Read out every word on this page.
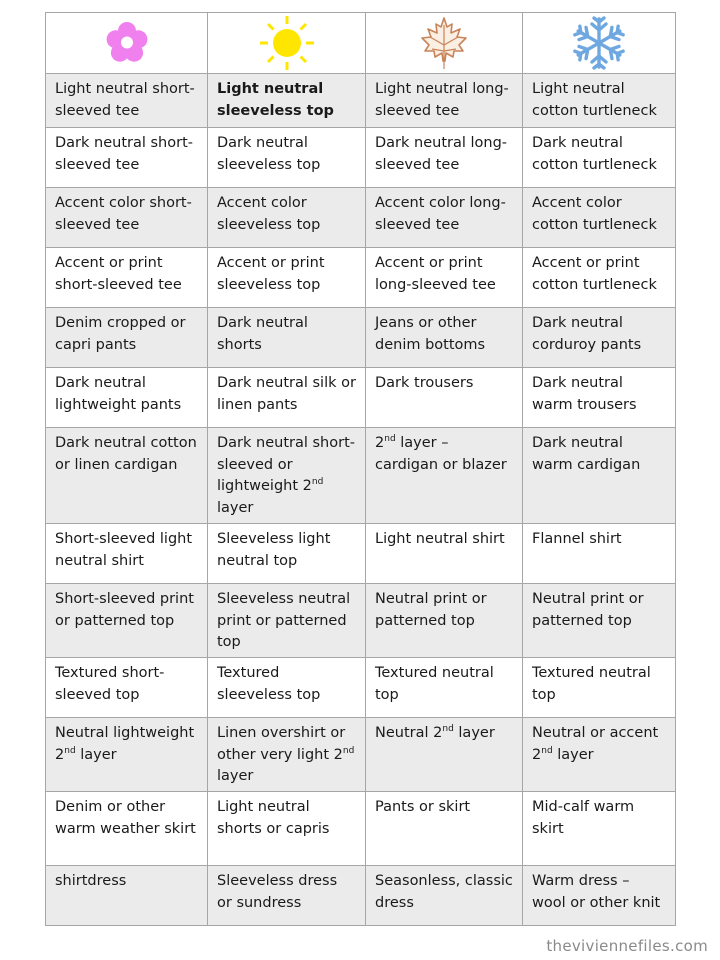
Light neutral short-sleeved tee	Light neutral sleeveless top	Light neutral long-sleeved tee	Light neutral cotton turtleneck
Dark neutral short-sleeved tee	Dark neutral sleeveless top	Dark neutral long-sleeved tee	Dark neutral cotton turtleneck
Accent color short-sleeved tee	Accent color sleeveless top	Accent color long-sleeved tee	Accent color cotton turtleneck
Accent or print short-sleeved tee	Accent or print sleeveless top	Accent or print long-sleeved tee	Accent or print cotton turtleneck
Denim cropped or capri pants	Dark neutral shorts	Jeans or other denim bottoms	Dark neutral corduroy pants
Dark neutral lightweight pants	Dark neutral silk or linen pants	Dark trousers	Dark neutral warm trousers
Dark neutral cotton or linen cardigan	Dark neutral short-sleeved or lightweight 2nd layer	2nd layer – cardigan or blazer	Dark neutral warm cardigan
Short-sleeved light neutral shirt	Sleeveless light neutral top	Light neutral shirt	Flannel shirt
Short-sleeved print or patterned top	Sleeveless neutral print or patterned top	Neutral print or patterned top	Neutral print or patterned top
Textured short-sleeved top	Textured sleeveless top	Textured neutral top	Textured neutral top
Neutral lightweight 2nd layer	Linen overshirt or other very light 2nd layer	Neutral 2nd layer	Neutral or accent 2nd layer
Denim or other warm weather skirt	Light neutral shorts or capris	Pants or skirt	Mid-calf warm skirt
shirtdress	Sleeveless dress or sundress	Seasonless, classic dress	Warm dress – wool or other knit
theviviennefiles.com
